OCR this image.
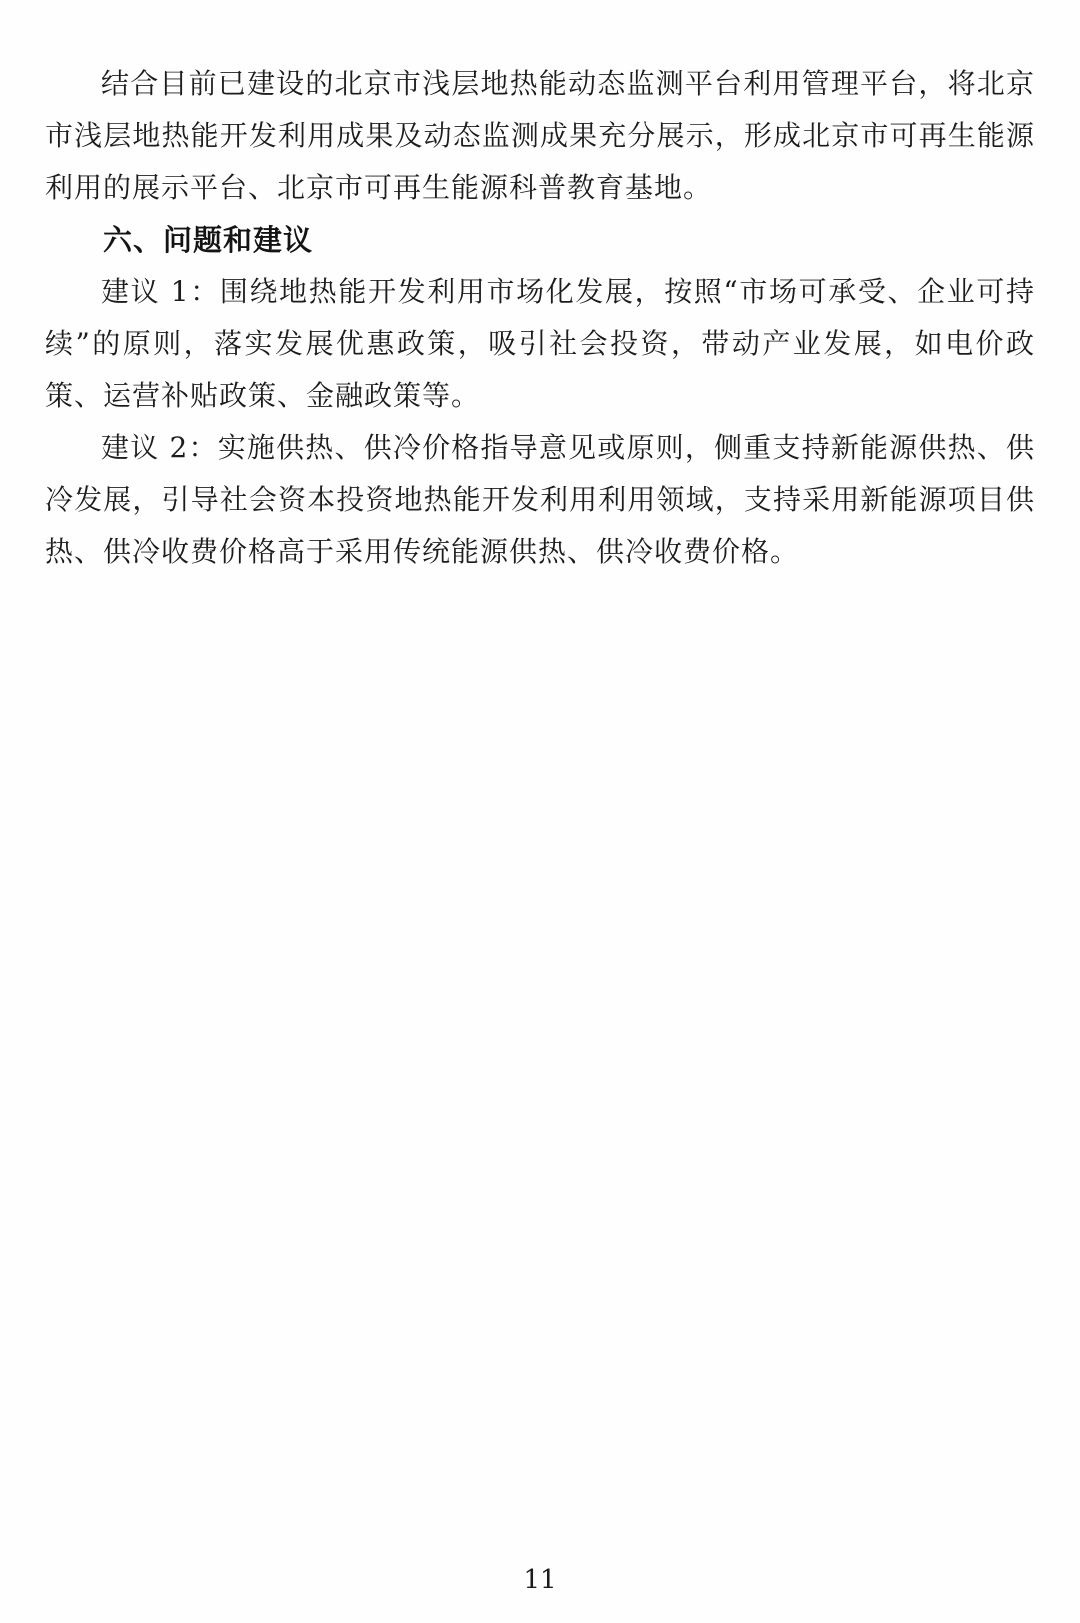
结合目前已建设的北京市浅层地热能动态监测平台利用管理平台，将北京市浅层地热能开发利用成果及动态监测成果充分展示，形成北京市可再生能源利用的展示平台、北京市可再生能源科普教育基地。

六、问题和建议

建议 1：围绕地热能开发利用市场化发展，按照“市场可承受、企业可持续”的原则，落实发展优惠政策，吸引社会投资，带动产业发展，如电价政策、运营补贴政策、金融政策等。

建议 2：实施供热、供冷价格指导意见或原则，侧重支持新能源供热、供冷发展，引导社会资本投资地热能开发利用利用领域，支持采用新能源项目供热、供冷收费价格高于采用传统能源供热、供冷收费价格。

11
